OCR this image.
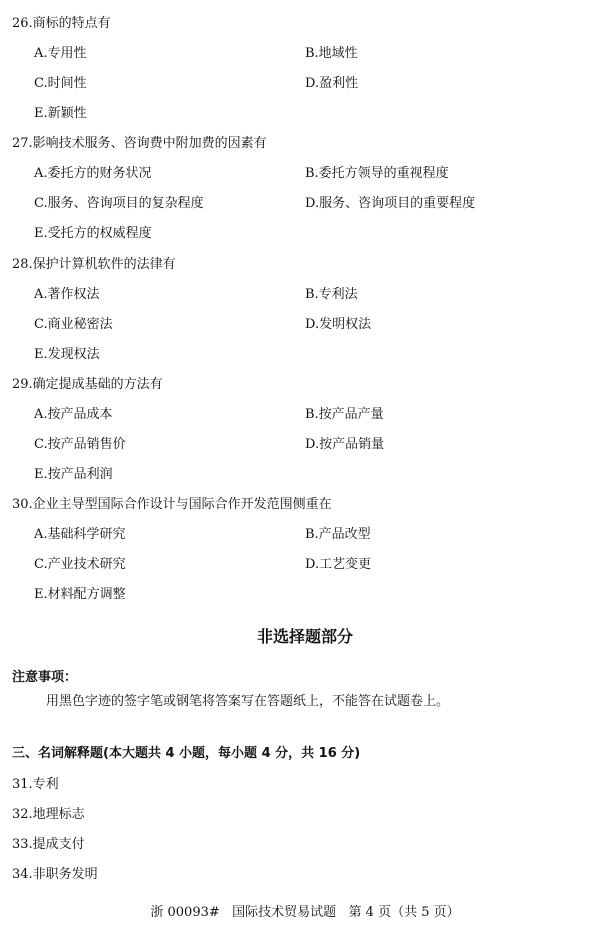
26.商标的特点有
A.专用性	B.地域性
C.时间性	D.盈利性
E.新颖性
27.影响技术服务、咨询费中附加费的因素有
A.委托方的财务状况	B.委托方领导的重视程度
C.服务、咨询项目的复杂程度	D.服务、咨询项目的重要程度
E.受托方的权威程度
28.保护计算机软件的法律有
A.著作权法	B.专利法
C.商业秘密法	D.发明权法
E.发现权法
29.确定提成基础的方法有
A.按产品成本	B.按产品产量
C.按产品销售价	D.按产品销量
E.按产品利润
30.企业主导型国际合作设计与国际合作开发范围侧重在
A.基础科学研究	B.产品改型
C.产业技术研究	D.工艺变更
E.材料配方调整
非选择题部分
注意事项：
用黑色字迹的签字笔或钢笔将答案写在答题纸上，不能答在试题卷上。
三、名词解释题(本大题共 4 小题，每小题 4 分，共 16 分)
31.专利
32.地理标志
33.提成支付
34.非职务发明
浙 00093#   国际技术贸易试题   第 4 页（共 5 页）
